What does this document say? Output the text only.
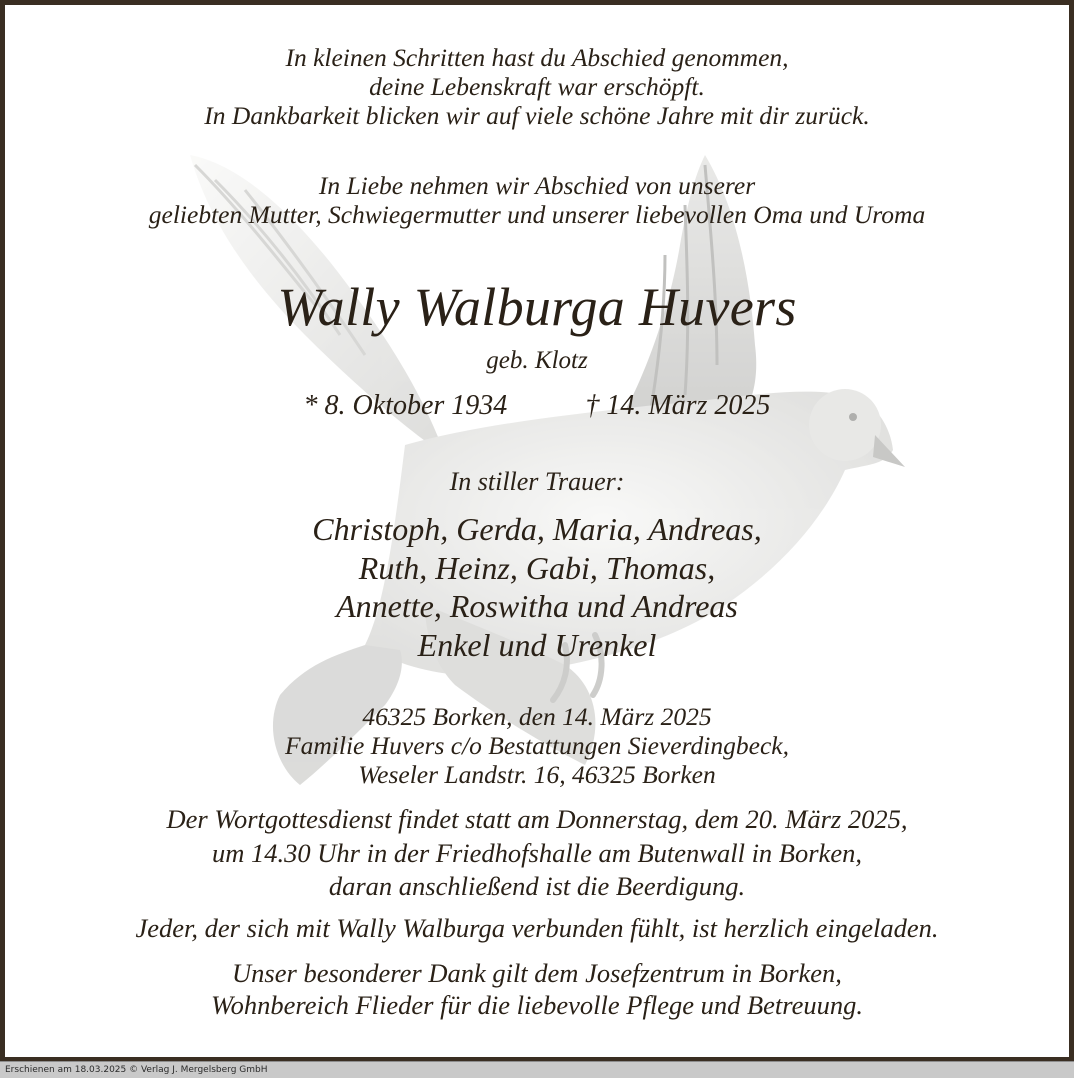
In kleinen Schritten hast du Abschied genommen,
deine Lebenskraft war erschöpft.
In Dankbarkeit blicken wir auf viele schöne Jahre mit dir zurück.
In Liebe nehmen wir Abschied von unserer
geliebten Mutter, Schwiegermutter und unserer liebevollen Oma und Uroma
Wally Walburga Huvers
geb. Klotz
* 8. Oktober 1934	† 14. März 2025
In stiller Trauer:
Christoph, Gerda, Maria, Andreas,
Ruth, Heinz, Gabi, Thomas,
Annette, Roswitha und Andreas
Enkel und Urenkel
46325 Borken, den 14. März 2025
Familie Huvers c/o Bestattungen Sieverdingbeck,
Weseler Landstr. 16, 46325 Borken
Der Wortgottesdienst findet statt am Donnerstag, dem 20. März 2025,
um 14.30 Uhr in der Friedhofshalle am Butenwall in Borken,
daran anschließend ist die Beerdigung.
Jeder, der sich mit Wally Walburga verbunden fühlt, ist herzlich eingeladen.
Unser besonderer Dank gilt dem Josefzentrum in Borken,
Wohnbereich Flieder für die liebevolle Pflege und Betreuung.
Erschienen am 18.03.2025 © Verlag J. Mergelsberg GmbH
